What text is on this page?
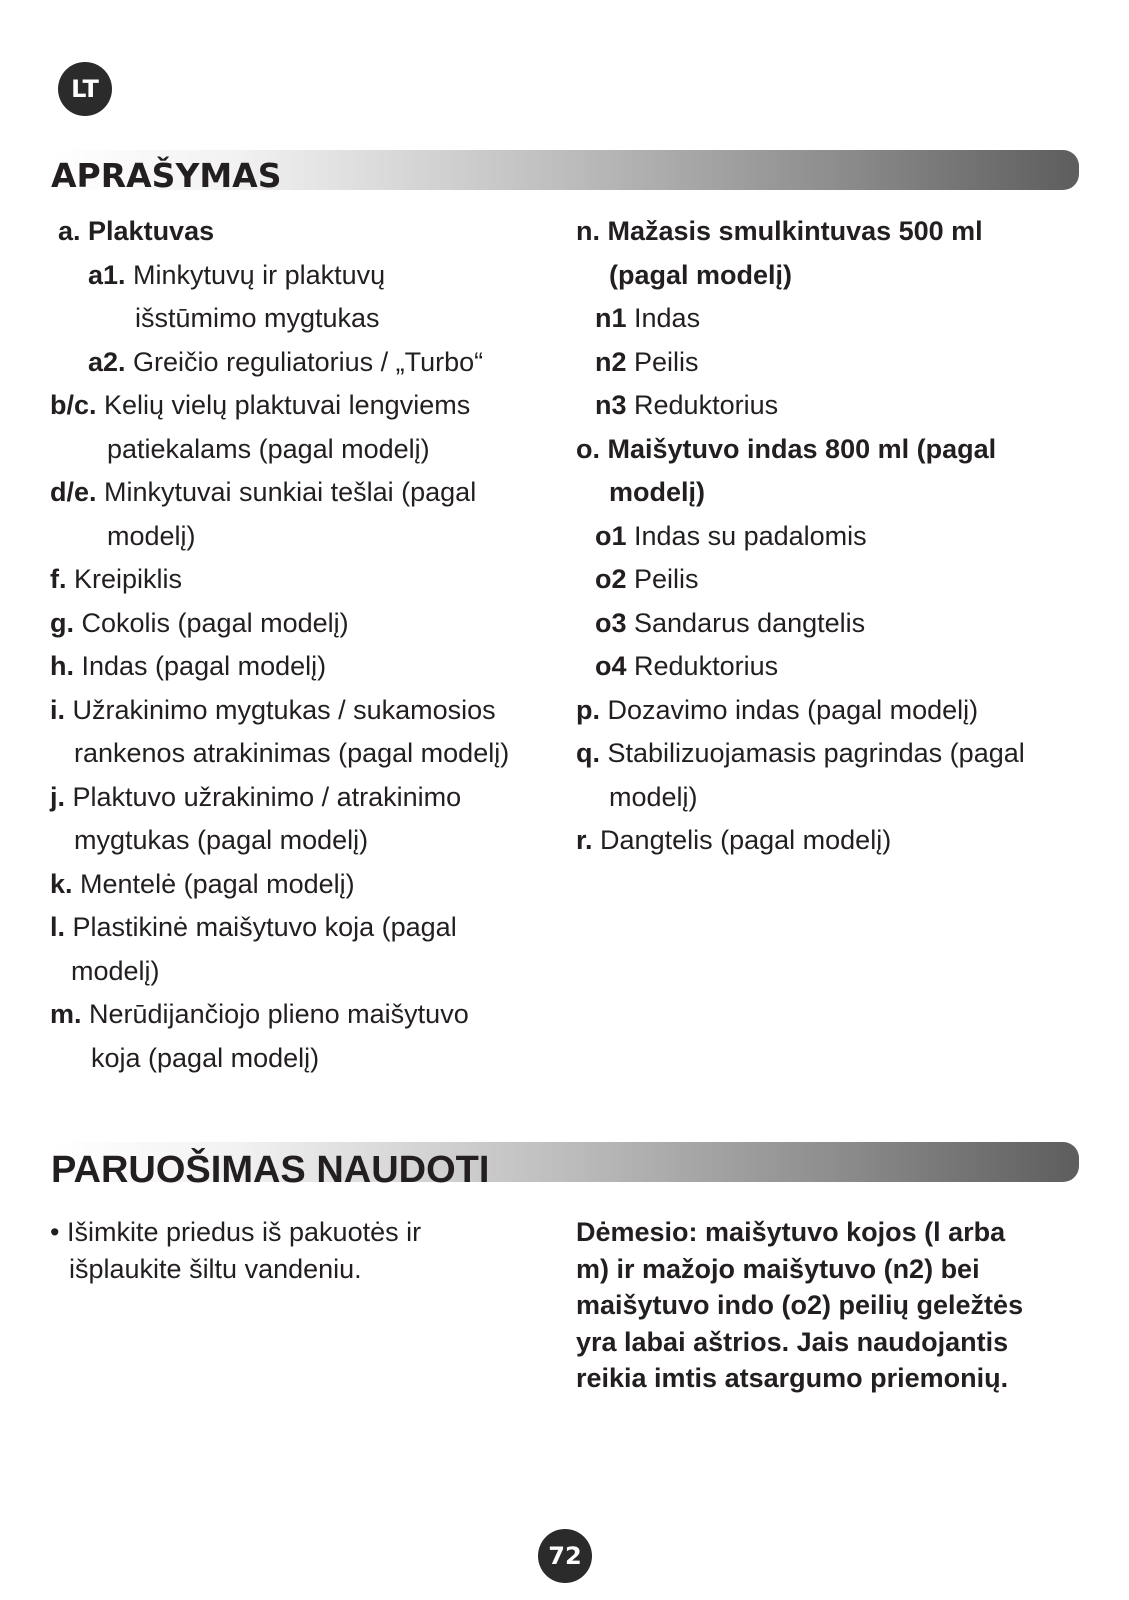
LT
APRAŠYMAS
a. Plaktuvas
a1. Minkytuvų ir plaktuvų
išstūmimo mygtukas
a2. Greičio reguliatorius / „Turbo“
b/c. Kelių vielų plaktuvai lengviems
patiekalams (pagal modelį)
d/e. Minkytuvai sunkiai tešlai (pagal
modelį)
f. Kreipiklis
g. Cokolis (pagal modelį)
h. Indas (pagal modelį)
i. Užrakinimo mygtukas / sukamosios
rankenos atrakinimas (pagal modelį)
j. Plaktuvo užrakinimo / atrakinimo
mygtukas (pagal modelį)
k. Mentelė (pagal modelį)
l. Plastikinė maišytuvo koja (pagal
modelį)
m. Nerūdijančiojo plieno maišytuvo
koja (pagal modelį)
n. Mažasis smulkintuvas 500 ml
(pagal modelį)
n1 Indas
n2 Peilis
n3 Reduktorius
o. Maišytuvo indas 800 ml (pagal
modelį)
o1 Indas su padalomis
o2 Peilis
o3 Sandarus dangtelis
o4 Reduktorius
p. Dozavimo indas (pagal modelį)
q. Stabilizuojamasis pagrindas (pagal
modelį)
r. Dangtelis (pagal modelį)
PARUOŠIMAS NAUDOTI
• Išimkite priedus iš pakuotės ir
išplaukite šiltu vandeniu.
Dėmesio: maišytuvo kojos (l arba
m) ir mažojo maišytuvo (n2) bei
maišytuvo indo (o2) peilių geležtės
yra labai aštrios. Jais naudojantis
reikia imtis atsargumo priemonių.
72
